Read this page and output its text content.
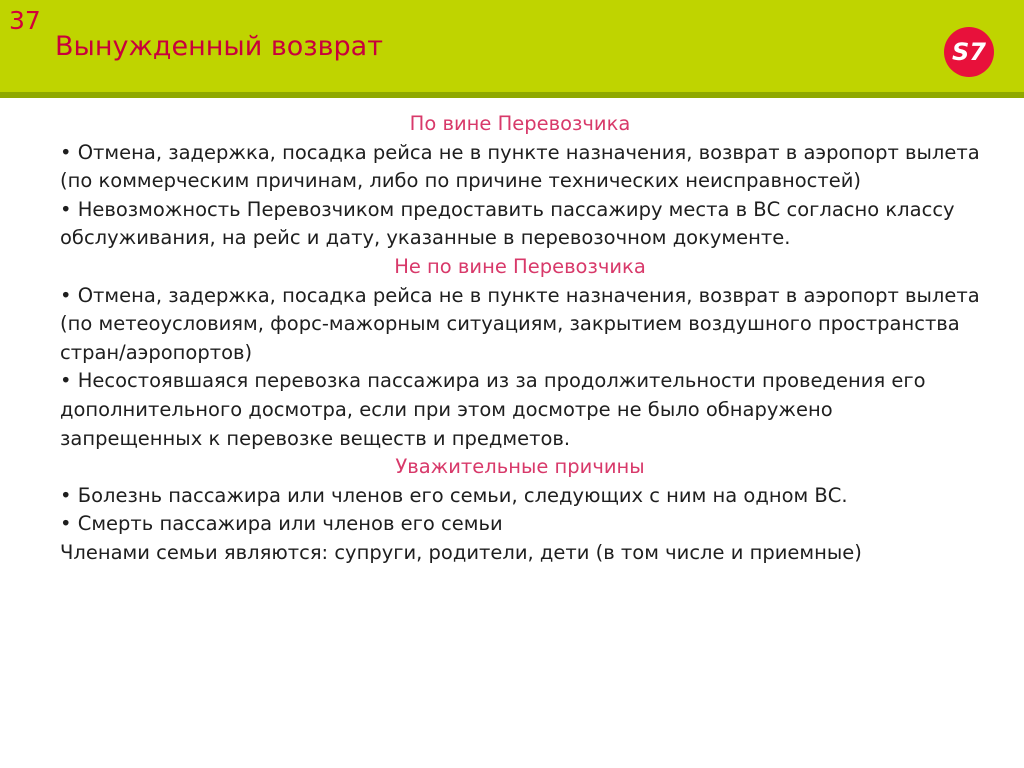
37
Вынужденный возврат	S7
По вине Перевозчика

• Отмена, задержка, посадка рейса не в пункте назначения, возврат в аэропорт вылета (по коммерческим причинам, либо по причине технических неисправностей)

• Невозможность Перевозчиком предоставить пассажиру места в ВС согласно классу обслуживания, на рейс и дату, указанные в перевозочном документе.

Не по вине Перевозчика

• Отмена, задержка, посадка рейса не в пункте назначения, возврат в аэропорт вылета (по метеоусловиям, форс-мажорным ситуациям, закрытием воздушного пространства стран/аэропортов)

• Несостоявшаяся перевозка пассажира из за продолжительности проведения его дополнительного досмотра, если при этом досмотре не было обнаружено запрещенных к перевозке веществ и предметов.

Уважительные причины

• Болезнь пассажира или членов его семьи, следующих с ним на одном ВС.

• Смерть пассажира или членов его семьи

Членами семьи являются: супруги, родители, дети (в том числе и приемные)
